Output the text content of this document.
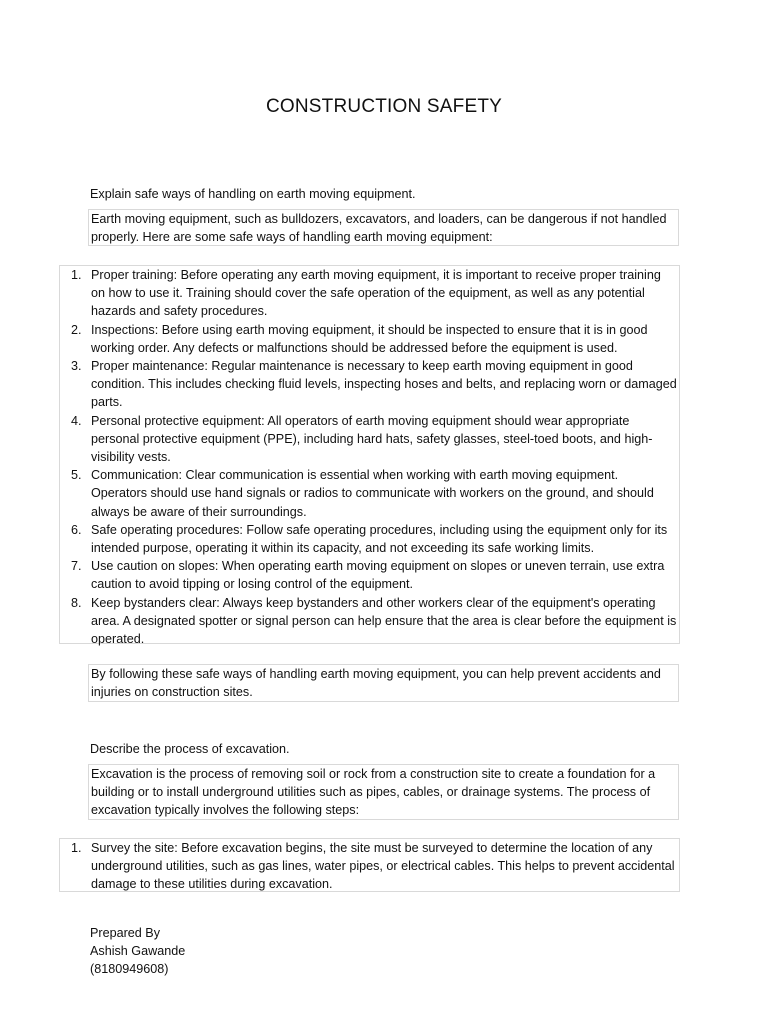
CONSTRUCTION SAFETY
Explain safe ways of handling on earth moving equipment.
Earth moving equipment, such as bulldozers, excavators, and loaders, can be dangerous if not handled properly. Here are some safe ways of handling earth moving equipment:
1. Proper training: Before operating any earth moving equipment, it is important to receive proper training on how to use it. Training should cover the safe operation of the equipment, as well as any potential hazards and safety procedures.
2. Inspections: Before using earth moving equipment, it should be inspected to ensure that it is in good working order. Any defects or malfunctions should be addressed before the equipment is used.
3. Proper maintenance: Regular maintenance is necessary to keep earth moving equipment in good condition. This includes checking fluid levels, inspecting hoses and belts, and replacing worn or damaged parts.
4. Personal protective equipment: All operators of earth moving equipment should wear appropriate personal protective equipment (PPE), including hard hats, safety glasses, steel-toed boots, and high-visibility vests.
5. Communication: Clear communication is essential when working with earth moving equipment. Operators should use hand signals or radios to communicate with workers on the ground, and should always be aware of their surroundings.
6. Safe operating procedures: Follow safe operating procedures, including using the equipment only for its intended purpose, operating it within its capacity, and not exceeding its safe working limits.
7. Use caution on slopes: When operating earth moving equipment on slopes or uneven terrain, use extra caution to avoid tipping or losing control of the equipment.
8. Keep bystanders clear: Always keep bystanders and other workers clear of the equipment's operating area. A designated spotter or signal person can help ensure that the area is clear before the equipment is operated.
By following these safe ways of handling earth moving equipment, you can help prevent accidents and injuries on construction sites.
Describe the process of excavation.
Excavation is the process of removing soil or rock from a construction site to create a foundation for a building or to install underground utilities such as pipes, cables, or drainage systems. The process of excavation typically involves the following steps:
1. Survey the site: Before excavation begins, the site must be surveyed to determine the location of any underground utilities, such as gas lines, water pipes, or electrical cables. This helps to prevent accidental damage to these utilities during excavation.
Prepared By
Ashish Gawande
(8180949608)
